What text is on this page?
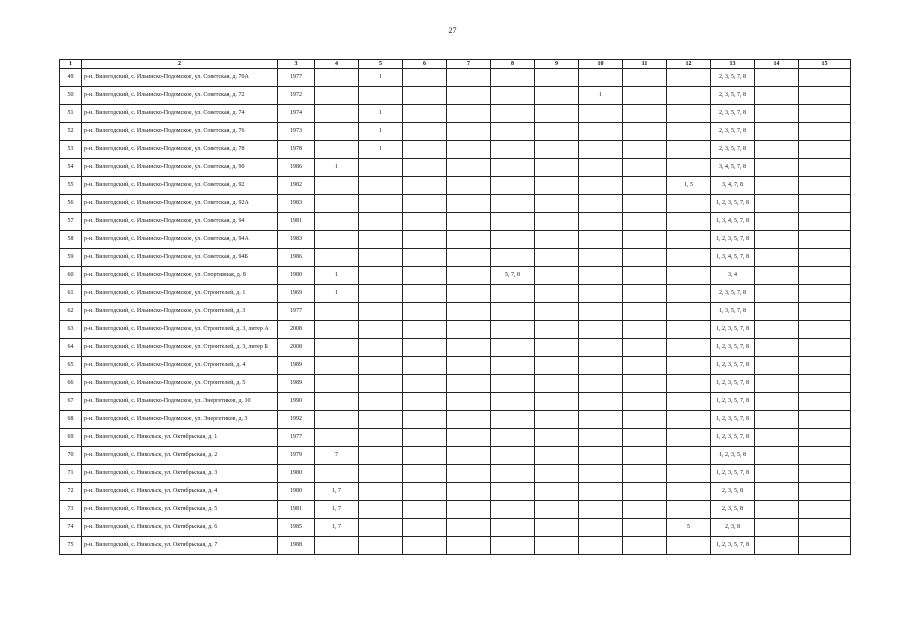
27
1	2	3	4	5	6	7	8	9	10	11	12	13	14	15
49	р-н. Вилегодский, с. Ильинско-Подомское, ул. Советская, д. 70А	1977		1								2, 3, 5, 7, 8		
50	р-н. Вилегодский, с. Ильинско-Подомское, ул. Советская, д. 72	1972							1			2, 3, 5, 7, 8		
51	р-н. Вилегодский, с. Ильинско-Подомское, ул. Советская, д. 74	1974		1								2, 3, 5, 7, 8		
52	р-н. Вилегодский, с. Ильинско-Подомское, ул. Советская, д. 76	1973		1								2, 3, 5, 7, 8		
53	р-н. Вилегодский, с. Ильинско-Подомское, ул. Советская, д. 78	1978		1								2, 3, 5, 7, 8		
54	р-н. Вилегодский, с. Ильинско-Подомское, ул. Советская, д. 90	1986	1									3, 4, 5, 7, 8		
55	р-н. Вилегодский, с. Ильинско-Подомское, ул. Советская, д. 92	1982									1, 5	3, 4, 7, 8		
56	р-н. Вилегодский, с. Ильинско-Подомское, ул. Советская, д. 92А	1983										1, 2, 3, 5, 7, 8		
57	р-н. Вилегодский, с. Ильинско-Подомское, ул. Советская, д. 94	1981										1, 3, 4, 5, 7, 8		
58	р-н. Вилегодский, с. Ильинско-Подомское, ул. Советская, д. 94А	1983										1, 2, 3, 5, 7, 8		
59	р-н. Вилегодский, с. Ильинско-Подомское, ул. Советская, д. 94Б	1986										1, 3, 4, 5, 7, 8		
60	р-н. Вилегодский, с. Ильинско-Подомское, ул. Спортивная, д. 8	1980	1				5, 7, 8					3, 4		
61	р-н. Вилегодский, с. Ильинско-Подомское, ул. Строителей, д. 1	1969	1									2, 3, 5, 7, 8		
62	р-н. Вилегодский, с. Ильинско-Подомское, ул. Строителей, д. 3	1977										1, 3, 5, 7, 8		
63	р-н. Вилегодский, с. Ильинско-Подомское, ул. Строителей, д. 3, литер А	2008										1, 2, 3, 5, 7, 8		
64	р-н. Вилегодский, с. Ильинско-Подомское, ул. Строителей, д. 3, литер Б	2008										1, 2, 3, 5, 7, 8		
65	р-н. Вилегодский, с. Ильинско-Подомское, ул. Строителей, д. 4	1989										1, 2, 3, 5, 7, 8		
66	р-н. Вилегодский, с. Ильинско-Подомское, ул. Строителей, д. 5	1989										1, 2, 3, 5, 7, 8		
67	р-н. Вилегодский, с. Ильинско-Подомское, ул. Энергетиков, д. 10	1990										1, 2, 3, 5, 7, 8		
68	р-н. Вилегодский, с. Ильинско-Подомское, ул. Энергетиков, д. 3	1992										1, 2, 3, 5, 7, 8		
69	р-н. Вилегодский, с. Никольск, ул. Октябрьская, д. 1	1977										1, 2, 3, 5, 7, 8		
70	р-н. Вилегодский, с. Никольск, ул. Октябрьская, д. 2	1979	7									1, 2, 3, 5, 8		
71	р-н. Вилегодский, с. Никольск, ул. Октябрьская, д. 3	1980										1, 2, 3, 5, 7, 8		
72	р-н. Вилегодский, с. Никольск, ул. Октябрьская, д. 4	1980	1, 7									2, 3, 5, 8		
73	р-н. Вилегодский, с. Никольск, ул. Октябрьская, д. 5	1981	1, 7									2, 3, 5, 8		
74	р-н. Вилегодский, с. Никольск, ул. Октябрьская, д. 6	1985	1, 7								5	2, 3, 8		
75	р-н. Вилегодский, с. Никольск, ул. Октябрьская, д. 7	1988										1, 2, 3, 5, 7, 8		
